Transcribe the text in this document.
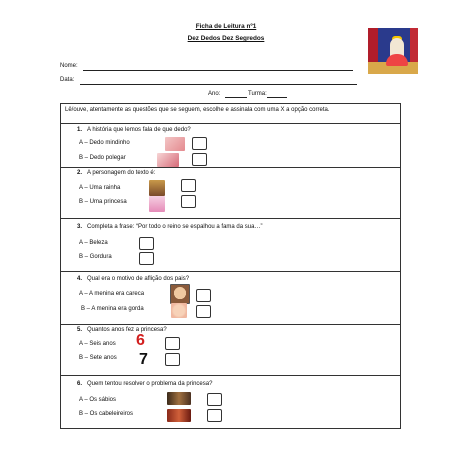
Ficha de Leitura nº1
Dez Dedos Dez Segredos
Nome:
Data:
Ano:	Turma:
Lê/ouve, atentamente as questões que se seguem, escolhe e assinala com uma X a opção correta.

1. A história que lemos fala de que dedo?
A – Dedo mindinho
B – Dedo polegar

2. A personagem do texto é:
A – Uma rainha
B – Uma princesa

3. Completa a frase: “Por todo o reino se espalhou a fama da sua…”
A – Beleza
B – Gordura

4. Qual era o motivo de aflição dos pais?
A – A menina era careca
B – A menina era gorda

5. Quantos anos fez a princesa?
A – Seis anos 6
B – Sete anos 7

6. Quem tentou resolver o problema da princesa?
A – Os sábios
B – Os cabeleireiros
